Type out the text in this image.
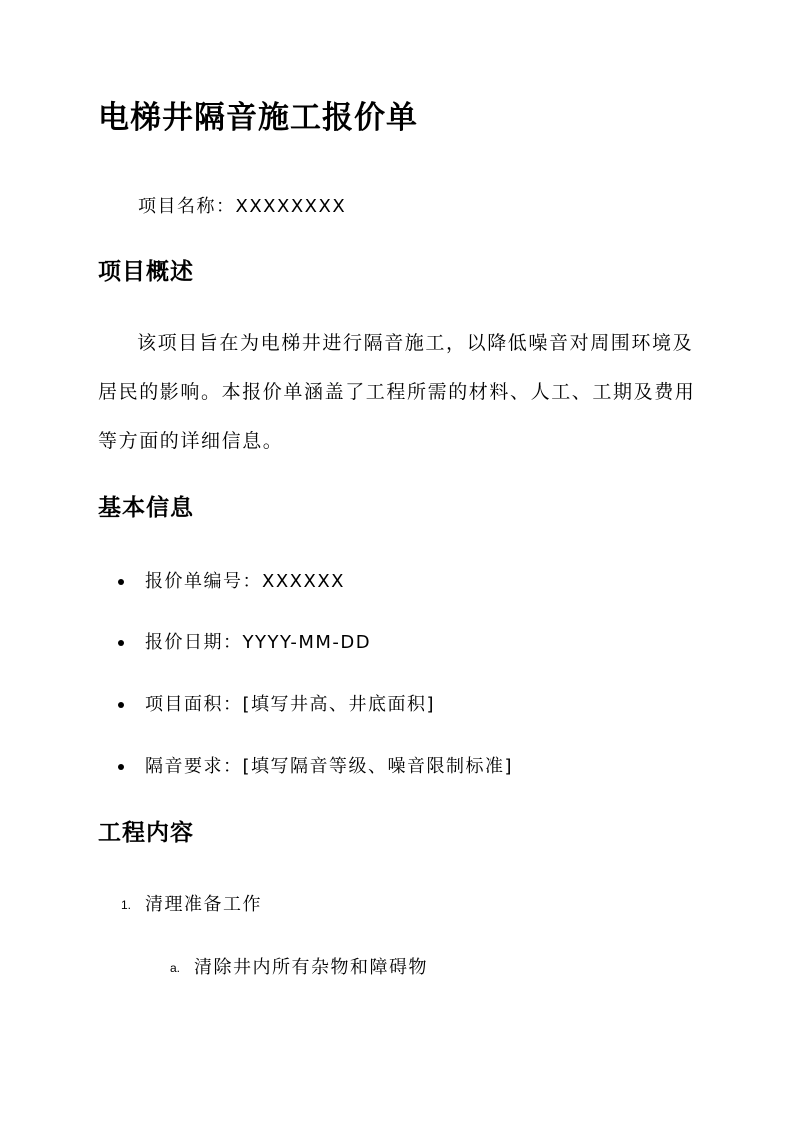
电梯井隔音施工报价单
项目名称：XXXXXXXX
项目概述
该项目旨在为电梯井进行隔音施工，以降低噪音对周围环境及
居民的影响。本报价单涵盖了工程所需的材料、人工、工期及费用
等方面的详细信息。
基本信息
报价单编号：XXXXXX
报价日期：YYYY-MM-DD
项目面积：[填写井高、井底面积]
隔音要求：[填写隔音等级、噪音限制标准]
工程内容
1. 清理准备工作
a. 清除井内所有杂物和障碍物
